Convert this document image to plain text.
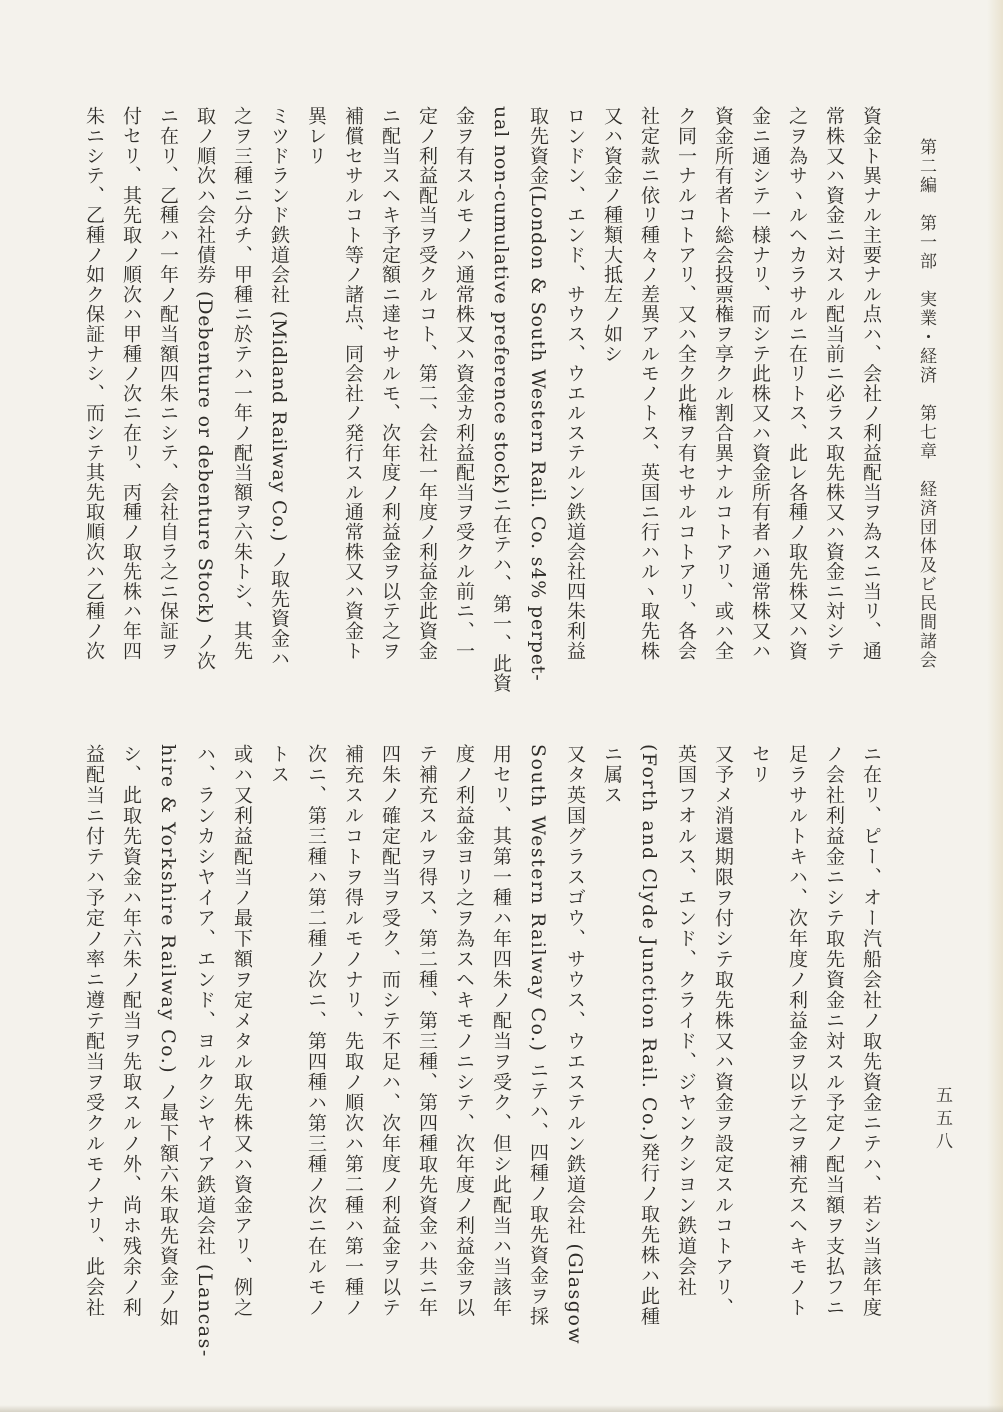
第二編　第一部　実業・経済　第七章　経済団体及ビ民間諸会
五五八

資金ト異ナル主要ナル点ハ、会社ノ利益配当ヲ為スニ当リ、通

常株又ハ資金ニ対スル配当前ニ必ラス取先株又ハ資金ニ対シテ

之ヲ為サヽルヘカラサルニ在リトス、此レ各種ノ取先株又ハ資

金ニ通シテ一様ナリ、而シテ此株又ハ資金所有者ハ通常株又ハ

資金所有者ト総会投票権ヲ享クル割合異ナルコトアリ、或ハ全

ク同一ナルコトアリ、又ハ全ク此権ヲ有セサルコトアリ、各会

社定款ニ依リ種々ノ差異アルモノトス、英国ニ行ハルヽ取先株

又ハ資金ノ種類大抵左ノ如シ

ロンドン、エンド、サウス、ウエルステルン鉄道会社四朱利益

取先資金(London & South Western Rail. Co. s4% perpet-

ual non-cumulative preference stock)ニ在テハ、第一、此資

金ヲ有スルモノハ通常株又ハ資金カ利益配当ヲ受クル前ニ、一

定ノ利益配当ヲ受クルコト、第二、会社一年度ノ利益金此資金

ニ配当スヘキ予定額ニ達セサルモ、次年度ノ利益金ヲ以テ之ヲ

補償セサルコト等ノ諸点、同会社ノ発行スル通常株又ハ資金ト

異レリ

ミツドランド鉄道会社 (Midland Railway Co.) ノ取先資金ハ

之ヲ三種ニ分チ、甲種ニ於テハ一年ノ配当額ヲ六朱トシ、其先

取ノ順次ハ会社債券 (Debenture or debenture Stock) ノ次

ニ在リ、乙種ハ一年ノ配当額四朱ニシテ、会社自ラ之ニ保証ヲ

付セリ、其先取ノ順次ハ甲種ノ次ニ在リ、丙種ノ取先株ハ年四

朱ニシテ、乙種ノ如ク保証ナシ、而シテ其先取順次ハ乙種ノ次

ニ在リ、ピー、オー汽船会社ノ取先資金ニテハ、若シ当該年度

ノ会社利益金ニシテ取先資金ニ対スル予定ノ配当額ヲ支払フニ

足ラサルトキハ、次年度ノ利益金ヲ以テ之ヲ補充スヘキモノト

セリ

又予メ消還期限ヲ付シテ取先株又ハ資金ヲ設定スルコトアリ、

英国フオルス、エンド、クライド、ジヤンクシヨン鉄道会社

(Forth and Clyde Junction Rail. Co.)発行ノ取先株ハ此種

ニ属ス

又タ英国グラスゴウ、サウス、ウエステルン鉄道会社 (Glasgow

South Western Railway Co.) ニテハ、四種ノ取先資金ヲ採

用セリ、其第一種ハ年四朱ノ配当ヲ受ク、但シ此配当ハ当該年

度ノ利益金ヨリ之ヲ為スヘキモノニシテ、次年度ノ利益金ヲ以

テ補充スルヲ得ス、第二種、第三種、第四種取先資金ハ共ニ年

四朱ノ確定配当ヲ受ク、而シテ不足ハ、次年度ノ利益金ヲ以テ

補充スルコトヲ得ルモノナリ、先取ノ順次ハ第二種ハ第一種ノ

次ニ、第三種ハ第二種ノ次ニ、第四種ハ第三種ノ次ニ在ルモノ

トス

或ハ又利益配当ノ最下額ヲ定メタル取先株又ハ資金アリ、例之

ハ、ランカシヤイア、エンド、ヨルクシヤイア鉄道会社 (Lancas-

hire & Yorkshire Railway Co.) ノ最下額六朱取先資金ノ如

シ、此取先資金ハ年六朱ノ配当ヲ先取スルノ外、尚ホ残余ノ利

益配当ニ付テハ予定ノ率ニ遵テ配当ヲ受クルモノナリ、此会社
